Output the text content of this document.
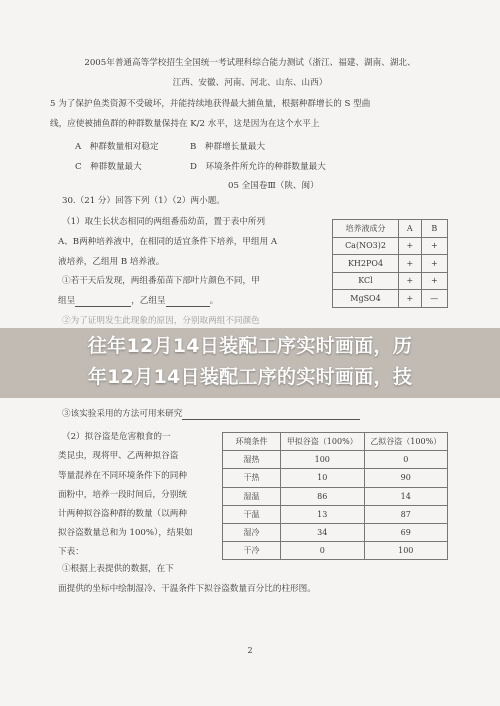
2005年普通高等学校招生全国统一考试理科综合能力测试（浙江、福建、湖南、湖北、
江西、安徽、河南、河北、山东、山西）
5 为了保护鱼类资源不受破坏，并能持续地获得最大捕鱼量，根据种群增长的 S 型曲
线，应使被捕鱼群的种群数量保持在 K/2 水平，这是因为在这个水平上
A　种群数量相对稳定	B　种群增长量最大
C　种群数量最大	D　环境条件所允许的种群数量最大
05 全国卷Ⅲ（陕、闽）
30.（21 分）回答下列（1）（2）两小题。
（1）取生长状态相同的两组番茄幼苗，置于表中所列
A、B两种培养液中，在相同的适宜条件下培养，甲组用 A
液培养，乙组用 B 培养液。
①若干天后发现，两组番茄苗下部叶片颜色不同，甲
组呈	，乙组呈	。
②为了证明发生此现象的原因，分别取两组不同颜色
培养液成分	A	B
Ca(NO3)2	+	+
KH2PO4	+	+
KCl	+	+
MgSO4	+	—
往年12月14日装配工序实时画面，历
年12月14日装配工序的实时画面，技
③该实验采用的方法可用来研究
（2）拟谷盗是危害粮食的一
类昆虫，现将甲、乙两种拟谷盗
等量混养在不同环境条件下的同种
面粉中，培养一段时间后，分别统
计两种拟谷盗种群的数量（以两种
拟谷盗数量总和为 100%），结果如
下表：
环境条件	甲拟谷盗（100%）	乙拟谷盗（100%）
湿热	100	0
干热	10	90
湿温	86	14
干温	13	87
湿冷	34	69
干冷	0	100
①根据上表提供的数据，在下
面提供的坐标中绘制湿冷、干温条件下拟谷盗数量百分比的柱形图。
2
